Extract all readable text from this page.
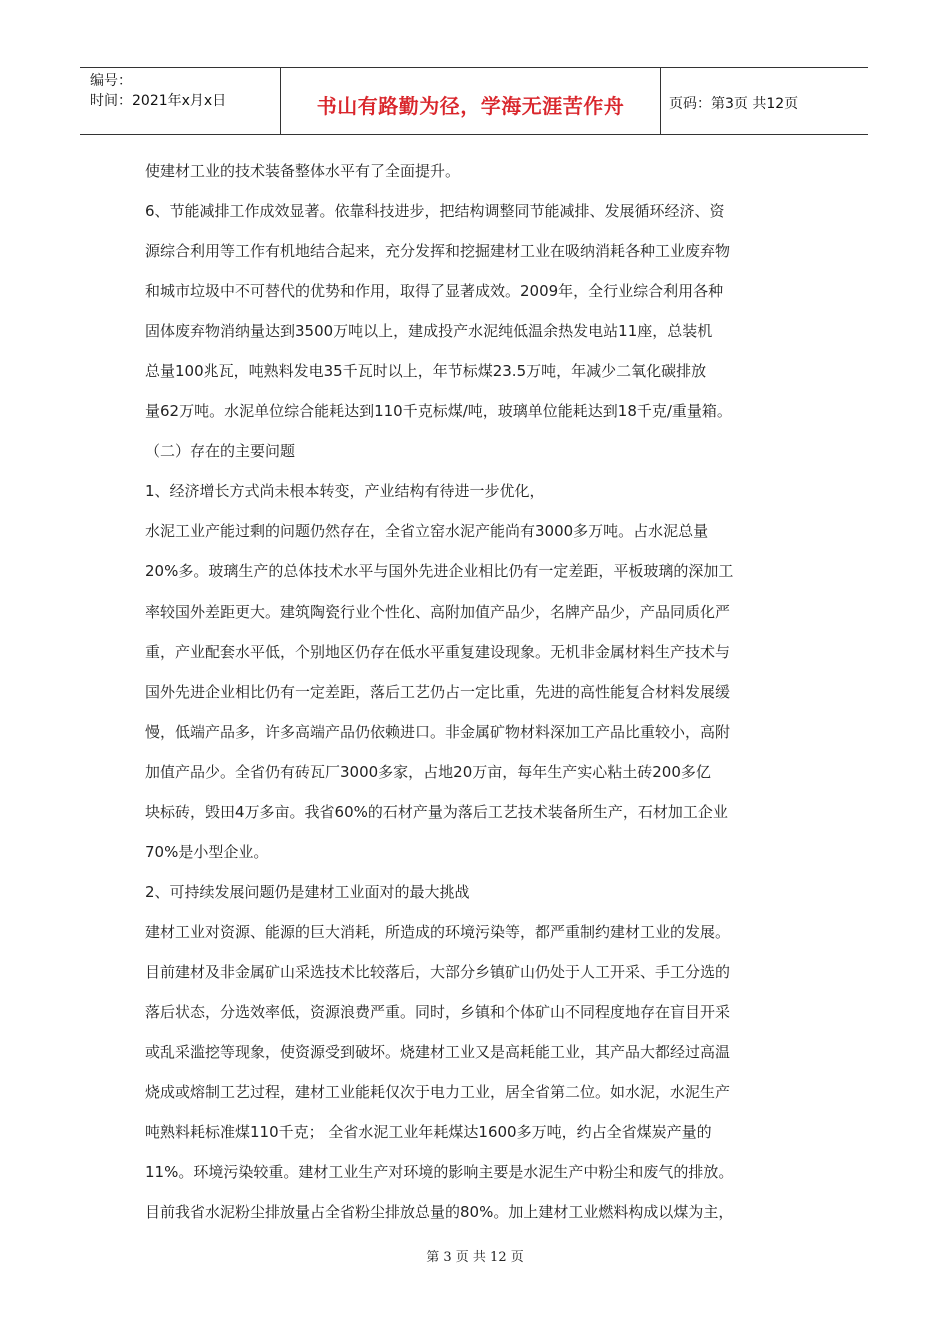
编号：
时间：2021年x月x日	书山有路勤为径，学海无涯苦作舟	页码：第3页 共12页
使建材工业的技术装备整体水平有了全面提升。
6、节能减排工作成效显著。依靠科技进步，把结构调整同节能减排、发展循环经济、资
源综合利用等工作有机地结合起来，充分发挥和挖掘建材工业在吸纳消耗各种工业废弃物
和城市垃圾中不可替代的优势和作用，取得了显著成效。2009年，全行业综合利用各种
固体废弃物消纳量达到3500万吨以上，建成投产水泥纯低温余热发电站11座，总装机
总量100兆瓦，吨熟料发电35千瓦时以上，年节标煤23.5万吨，年减少二氧化碳排放
量62万吨。水泥单位综合能耗达到110千克标煤/吨，玻璃单位能耗达到18千克/重量箱。
（二）存在的主要问题
1、经济增长方式尚未根本转变，产业结构有待进一步优化，
水泥工业产能过剩的问题仍然存在，全省立窑水泥产能尚有3000多万吨。占水泥总量
20%多。玻璃生产的总体技术水平与国外先进企业相比仍有一定差距，平板玻璃的深加工
率较国外差距更大。建筑陶瓷行业个性化、高附加值产品少，名牌产品少，产品同质化严
重，产业配套水平低，个别地区仍存在低水平重复建设现象。无机非金属材料生产技术与
国外先进企业相比仍有一定差距，落后工艺仍占一定比重，先进的高性能复合材料发展缓
慢，低端产品多，许多高端产品仍依赖进口。非金属矿物材料深加工产品比重较小，高附
加值产品少。全省仍有砖瓦厂3000多家，占地20万亩，每年生产实心粘土砖200多亿
块标砖，毁田4万多亩。我省60%的石材产量为落后工艺技术装备所生产，石材加工企业
70%是小型企业。
2、可持续发展问题仍是建材工业面对的最大挑战
建材工业对资源、能源的巨大消耗，所造成的环境污染等，都严重制约建材工业的发展。
目前建材及非金属矿山采选技术比较落后，大部分乡镇矿山仍处于人工开采、手工分选的
落后状态，分选效率低，资源浪费严重。同时，乡镇和个体矿山不同程度地存在盲目开采
或乱采滥挖等现象，使资源受到破坏。烧建材工业又是高耗能工业，其产品大都经过高温
烧成或熔制工艺过程，建材工业能耗仅次于电力工业，居全省第二位。如水泥，水泥生产
吨熟料耗标准煤110千克； 全省水泥工业年耗煤达1600多万吨，约占全省煤炭产量的
11%。环境污染较重。建材工业生产对环境的影响主要是水泥生产中粉尘和废气的排放。
目前我省水泥粉尘排放量占全省粉尘排放总量的80%。加上建材工业燃料构成以煤为主，
第 3 页 共 12 页
